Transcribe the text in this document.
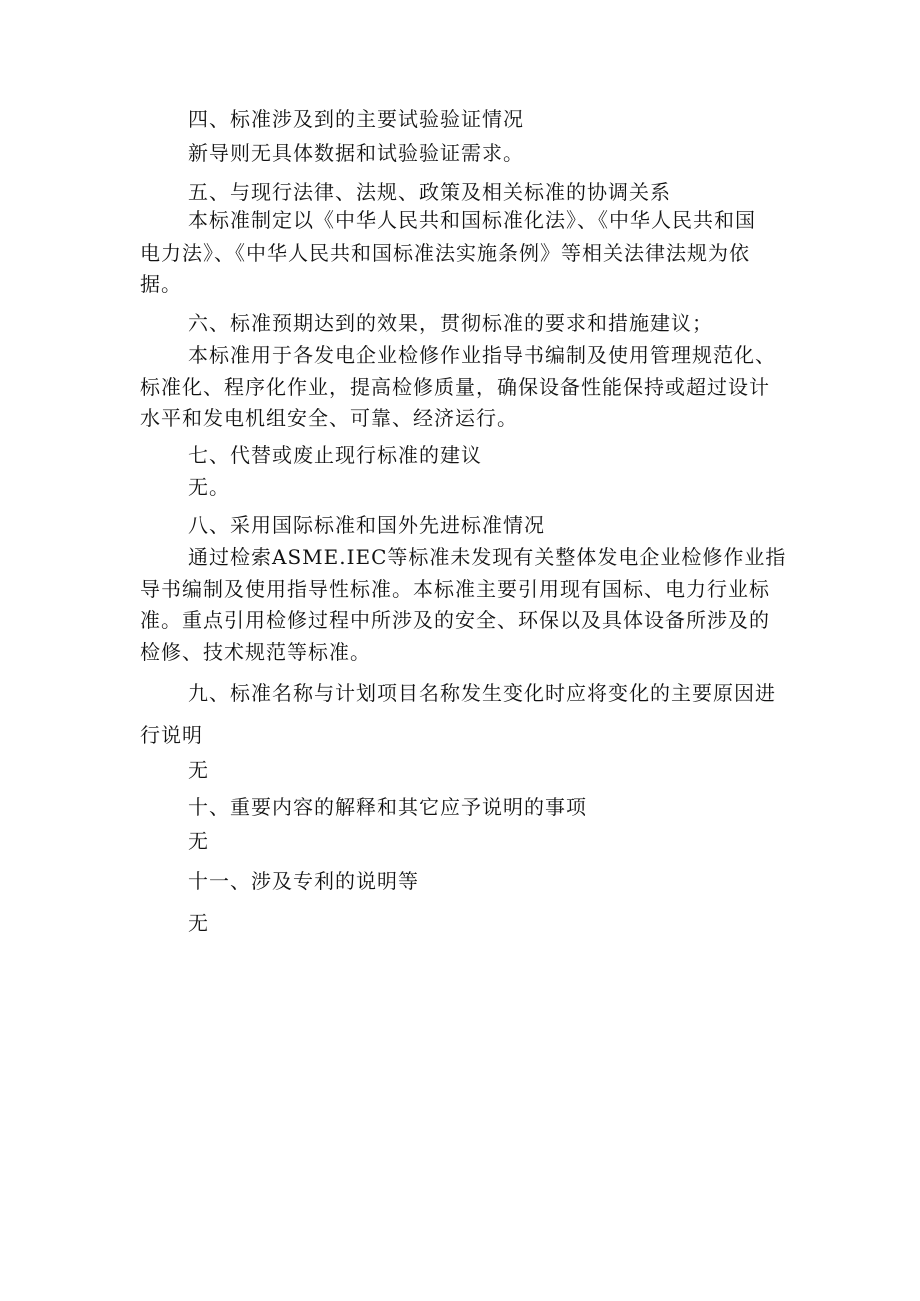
四、标准涉及到的主要试验验证情况
新导则无具体数据和试验验证需求。
五、与现行法律、法规、政策及相关标准的协调关系
本标准制定以《中华人民共和国标准化法》、《中华人民共和国
电力法》、《中华人民共和国标准法实施条例》等相关法律法规为依
据。
六、标准预期达到的效果，贯彻标准的要求和措施建议；
本标准用于各发电企业检修作业指导书编制及使用管理规范化、
标准化、程序化作业，提高检修质量，确保设备性能保持或超过设计
水平和发电机组安全、可靠、经济运行。
七、代替或废止现行标准的建议
无。
八、采用国际标准和国外先进标准情况
通过检索ASME.IEC等标准未发现有关整体发电企业检修作业指
导书编制及使用指导性标准。本标准主要引用现有国标、电力行业标
准。重点引用检修过程中所涉及的安全、环保以及具体设备所涉及的
检修、技术规范等标准。
九、标准名称与计划项目名称发生变化时应将变化的主要原因进
行说明
无
十、重要内容的解释和其它应予说明的事项
无
十一、涉及专利的说明等
无
